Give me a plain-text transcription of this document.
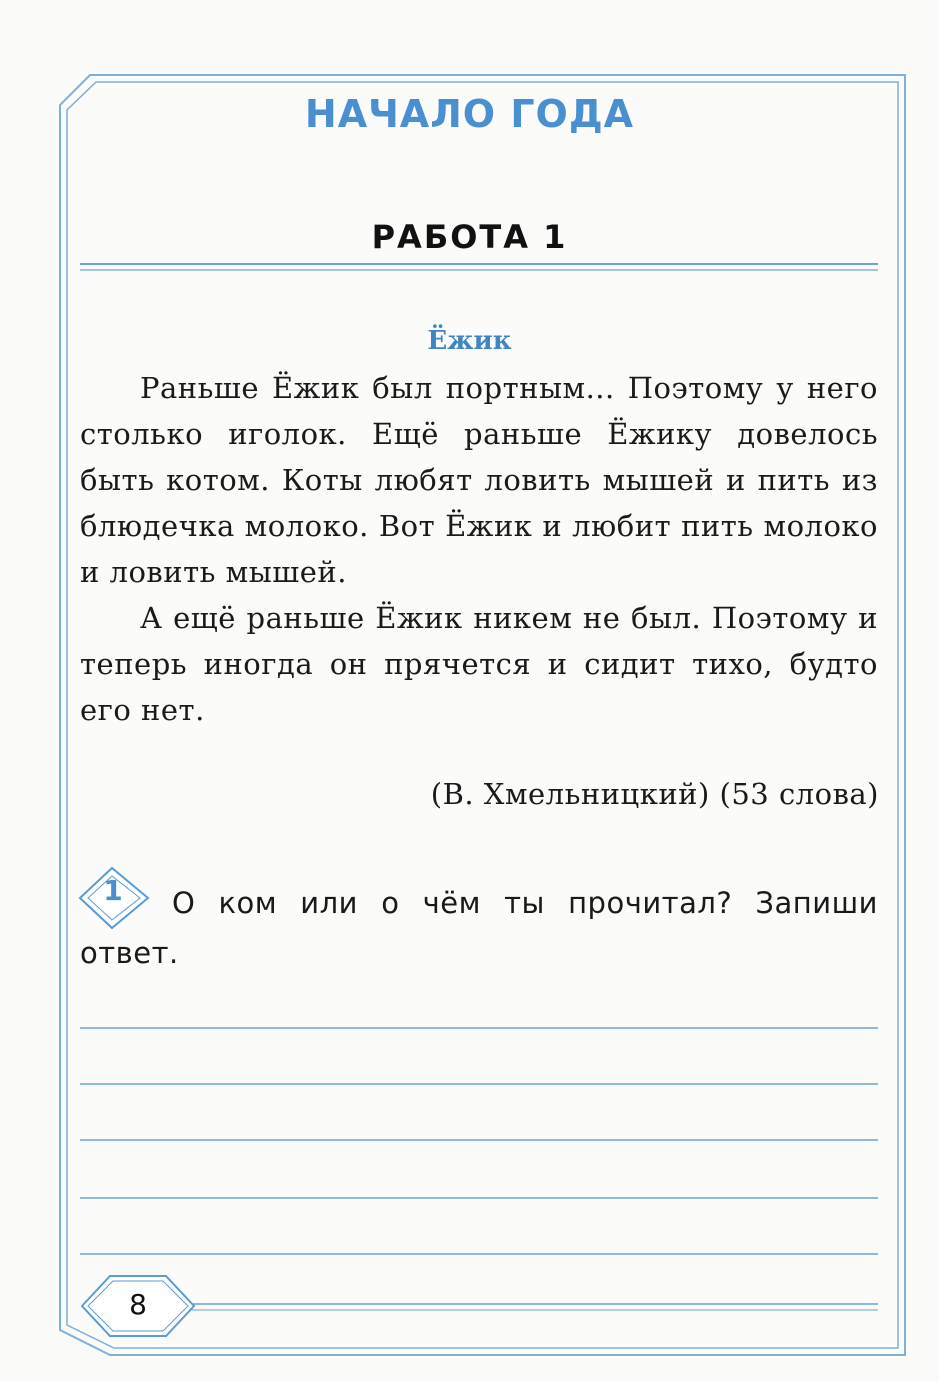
1
НАЧАЛО ГОДА
РАБОТА 1
Ёжик

Раньше Ёжик был портным... Поэтому у него столько иголок. Ещё раньше Ёжику довелось быть котом. Коты любят ловить мышей и пить из блюдечка молоко. Вот Ёжик и любит пить молоко и ловить мышей.

А ещё раньше Ёжик никем не был. Поэтому и теперь иногда он прячется и сидит тихо, будто его нет.

(В. Хмельницкий) (53 слова)
О ком или о чём ты прочитал? Запиши ответ.
8
